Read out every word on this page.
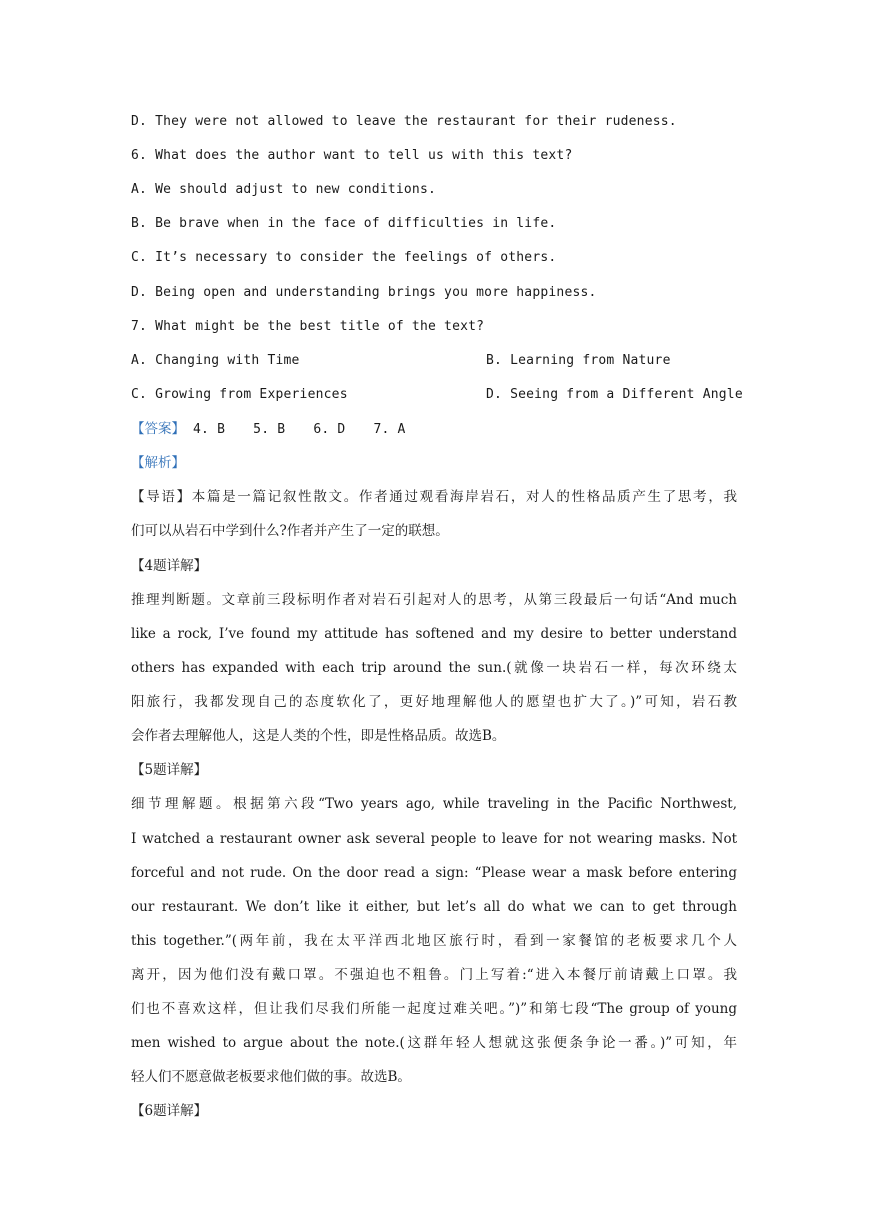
D. They were not allowed to leave the restaurant for their rudeness.
6. What does the author want to tell us with this text?
A. We should adjust to new conditions.
B. Be brave when in the face of difficulties in life.
C. It’s necessary to consider the feelings of others.
D. Being open and understanding brings you more happiness.
7. What might be the best title of the text?
A. Changing with Time	B. Learning from Nature
C. Growing from Experiences	D. Seeing from a Different Angle
【答案】 4. B 5. B 6. D 7. A
【解析】
【导语】本篇是一篇记叙性散文。作者通过观看海岸岩石，对人的性格品质产生了思考，我
们可以从岩石中学到什么?作者并产生了一定的联想。
【4题详解】
推理判断题。文章前三段标明作者对岩石引起对人的思考，从第三段最后一句话“And much
like a rock, I’ve found my attitude has softened and my desire to better understand
others has expanded with each trip around the sun.(就像一块岩石一样，每次环绕太
阳旅行，我都发现自己的态度软化了，更好地理解他人的愿望也扩大了。)”可知，岩石教
会作者去理解他人，这是人类的个性，即是性格品质。故选B。
【5题详解】
细节理解题。根据第六段“Two years ago, while traveling in the Pacific Northwest,
I watched a restaurant owner ask several people to leave for not wearing masks. Not
forceful and not rude. On the door read a sign: “Please wear a mask before entering
our restaurant. We don’t like it either, but let’s all do what we can to get through
this together.”(两年前，我在太平洋西北地区旅行时，看到一家餐馆的老板要求几个人
离开，因为他们没有戴口罩。不强迫也不粗鲁。门上写着:“进入本餐厅前请戴上口罩。我
们也不喜欢这样，但让我们尽我们所能一起度过难关吧。”)”和第七段“The group of young
men wished to argue about the note.(这群年轻人想就这张便条争论一番。)”可知，年
轻人们不愿意做老板要求他们做的事。故选B。
【6题详解】
